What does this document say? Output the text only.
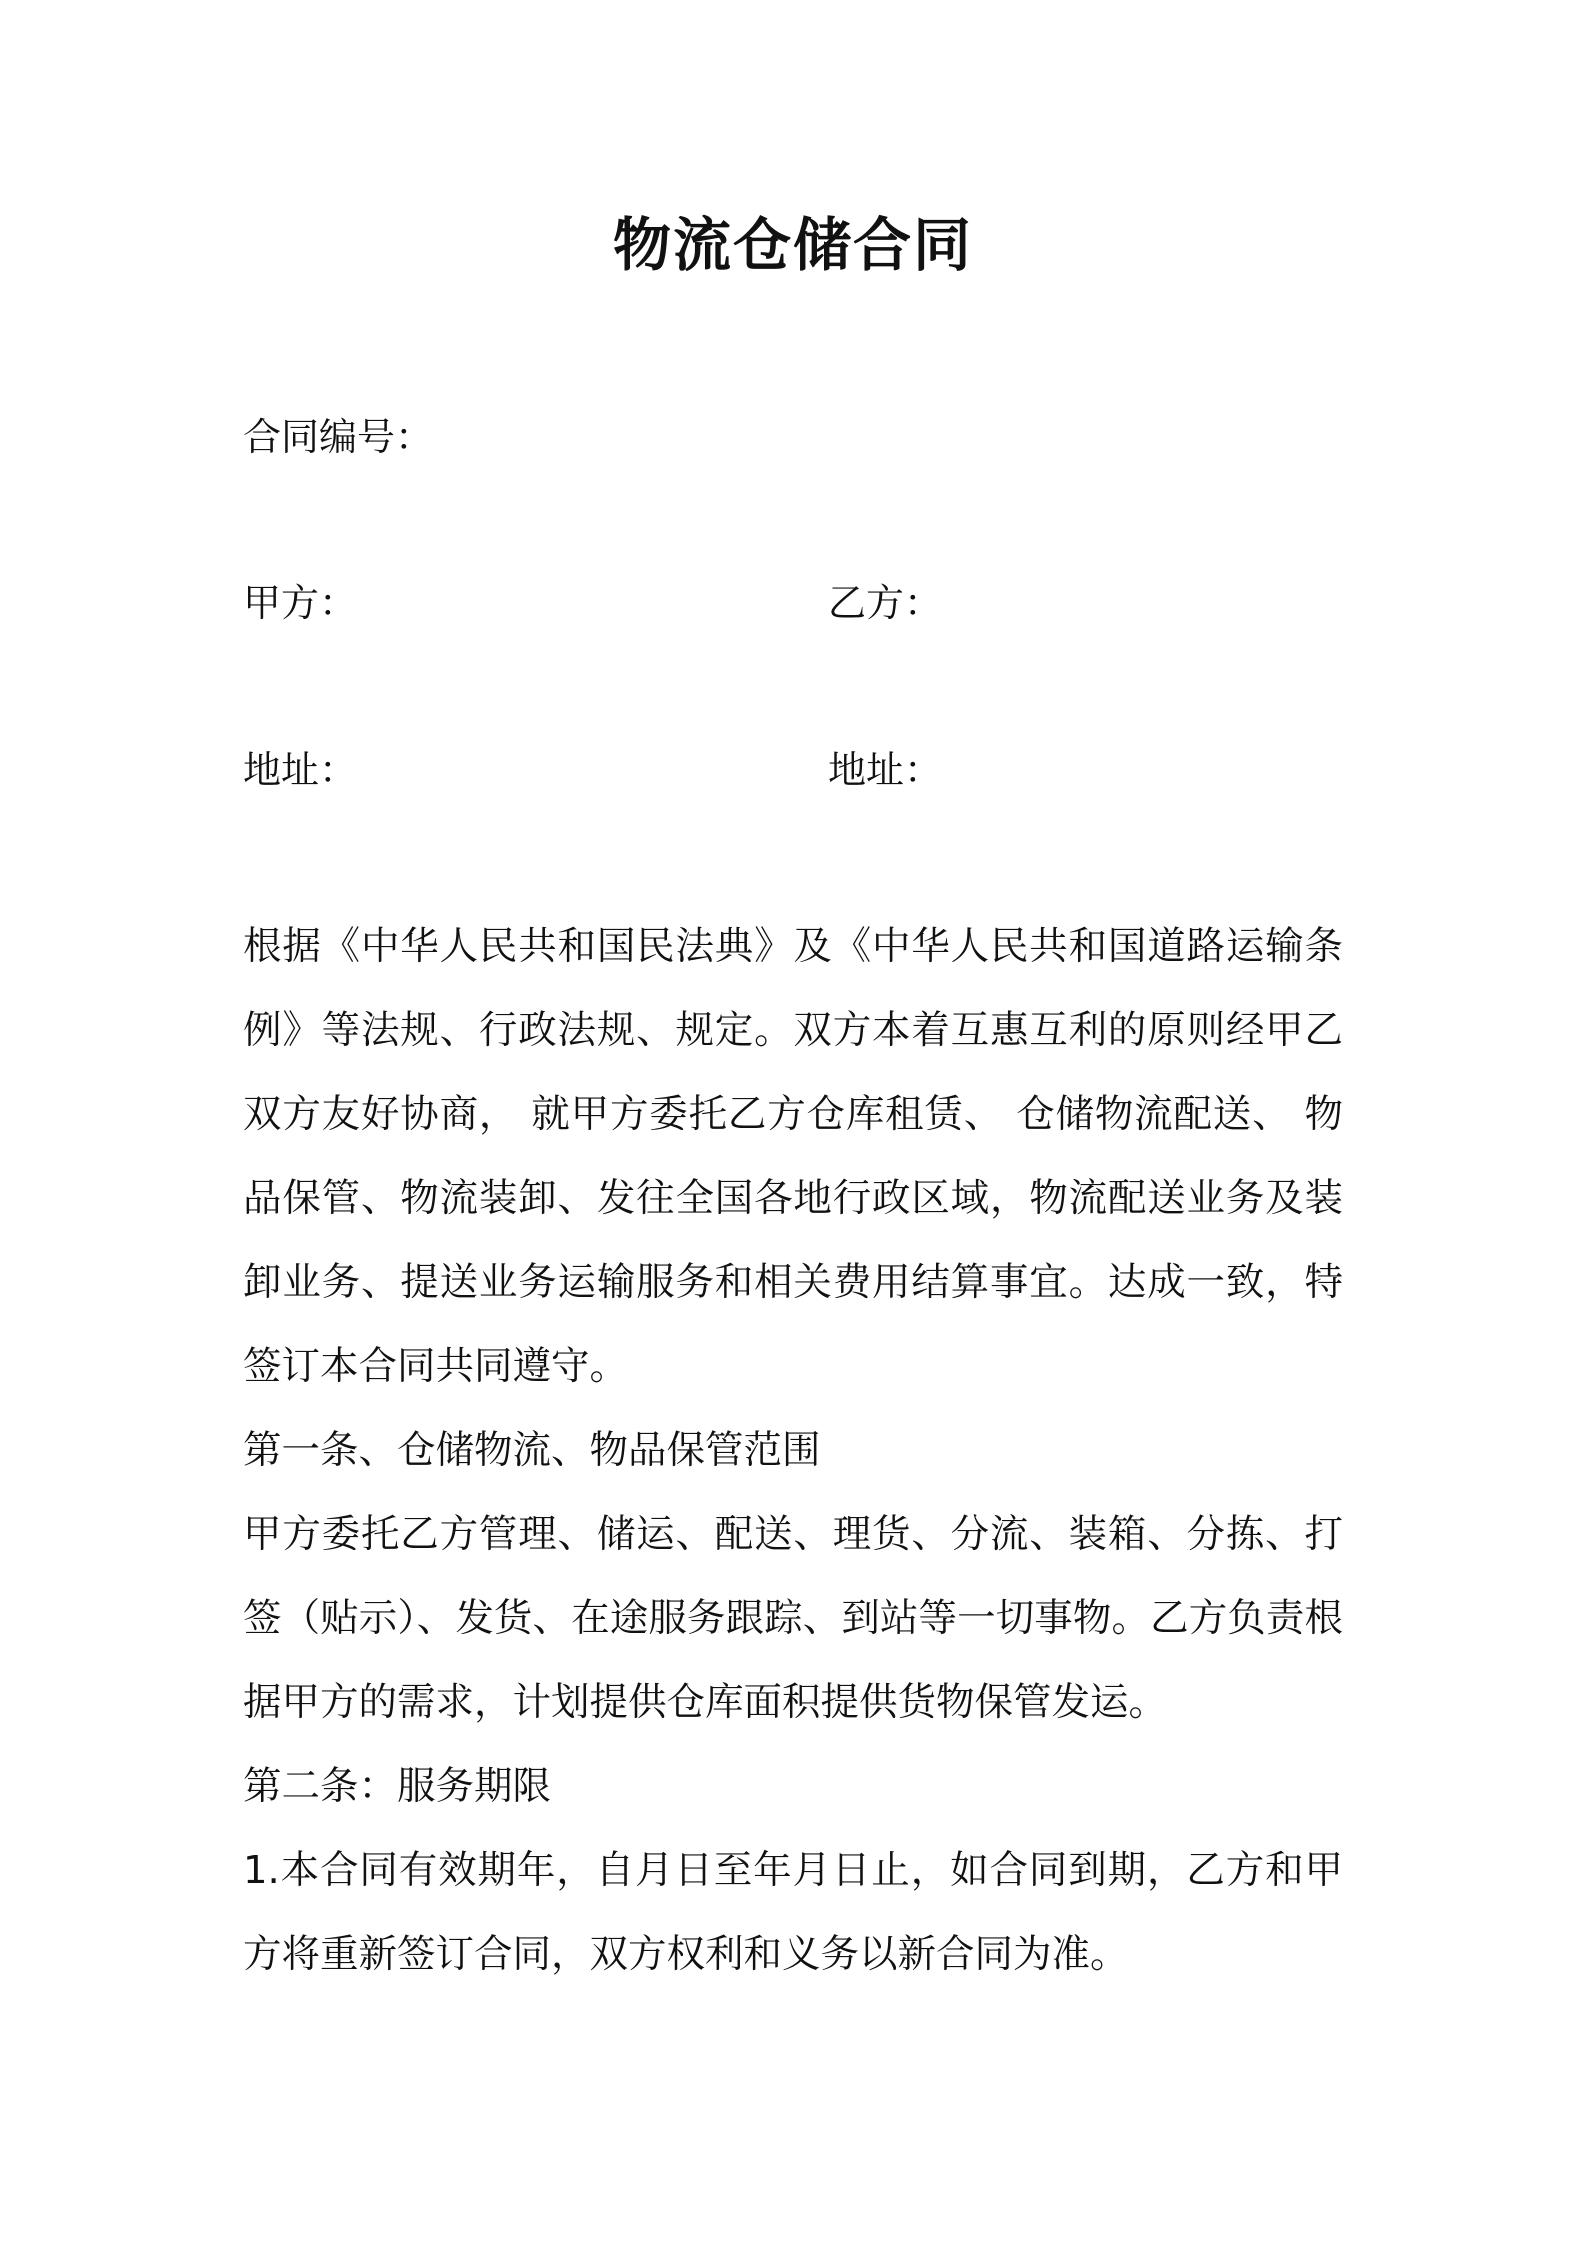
物流仓储合同
合同编号：
甲方：	乙方：
地址：	地址：

根据《中华人民共和国民法典》及《中华人民共和国道路运输条例》等法规、行政法规、规定。双方本着互惠互利的原则经甲乙双方友好协商， 就甲方委托乙方仓库租赁、 仓储物流配送、 物品保管、物流装卸、发往全国各地行政区域，物流配送业务及装卸业务、提送业务运输服务和相关费用结算事宜。达成一致，特签订本合同共同遵守。

第一条、仓储物流、物品保管范围

甲方委托乙方管理、储运、配送、理货、分流、装箱、分拣、打签（贴示）、发货、在途服务跟踪、到站等一切事物。乙方负责根据甲方的需求，计划提供仓库面积提供货物保管发运。

第二条：服务期限

1.本合同有效期年，自月日至年月日止，如合同到期，乙方和甲方将重新签订合同，双方权利和义务以新合同为准。
